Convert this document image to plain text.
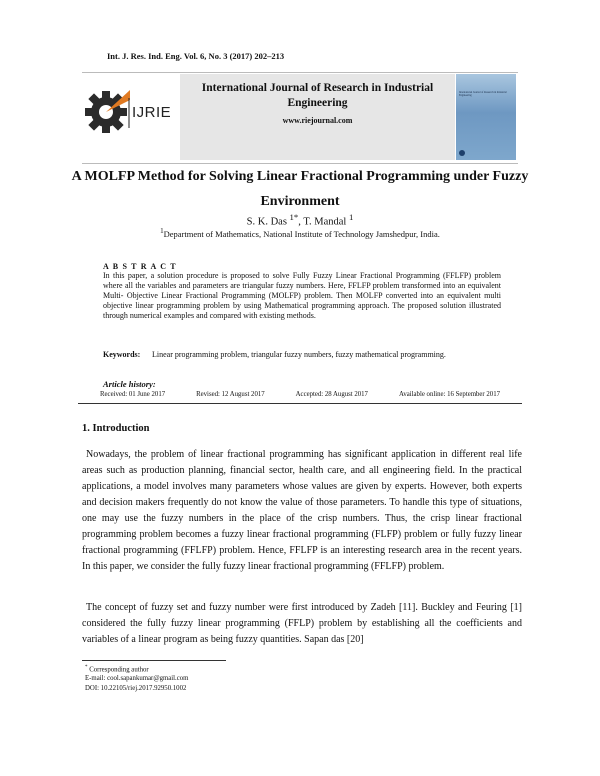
Int. J. Res. Ind. Eng. Vol. 6, No. 3 (2017) 202–213
IJRIE
International Journal of Research in Industrial Engineering
www.riejournal.com
International Journal of Research in Industrial Engineering
A MOLFP Method for Solving Linear Fractional Programming under Fuzzy Environment
S. K. Das $^{1*}$, T. Mandal $^1$
$^1$Department of Mathematics, National Institute of Technology Jamshedpur, India.
A B S T R A C T
In this paper, a solution procedure is proposed to solve Fully Fuzzy Linear Fractional Programming (FFLFP) problem where all the variables and parameters are triangular fuzzy numbers. Here, FFLFP problem transformed into an equivalent Multi- Objective Linear Fractional Programming (MOLFP) problem. Then MOLFP converted into an equivalent multi objective linear programming problem by using Mathematical programming approach. The proposed solution illustrated through numerical examples and compared with existing methods.
Keywords: Linear programming problem, triangular fuzzy numbers, fuzzy mathematical programming.
Article history:
Received: 01 June 2017	Revised: 12 August 2017	Accepted: 28 August 2017	Available online: 16 September 2017
1. Introduction
Nowadays, the problem of linear fractional programming has significant application in different real life areas such as production planning, financial sector, health care, and all engineering field. In the practical applications, a model involves many parameters whose values are given by experts. However, both experts and decision makers frequently do not know the value of those parameters. To handle this type of situations, one may use the fuzzy numbers in the place of the crisp numbers. Thus, the crisp linear fractional programming problem becomes a fuzzy linear fractional programming (FLFP) problem or fully fuzzy linear fractional programming (FFLFP) problem. Hence, FFLFP is an interesting research area in the recent years. In this paper, we consider the fully fuzzy linear fractional programming (FFLFP) problem.
The concept of fuzzy set and fuzzy number were first introduced by Zadeh [11]. Buckley and Feuring [1] considered the fully fuzzy linear programming (FFLP) problem by establishing all the coefficients and variables of a linear program as being fuzzy quantities. Sapan das [20]
* Corresponding author
E-mail: cool.sapankumar@gmail.com
DOI: 10.22105/riej.2017.92950.1002
